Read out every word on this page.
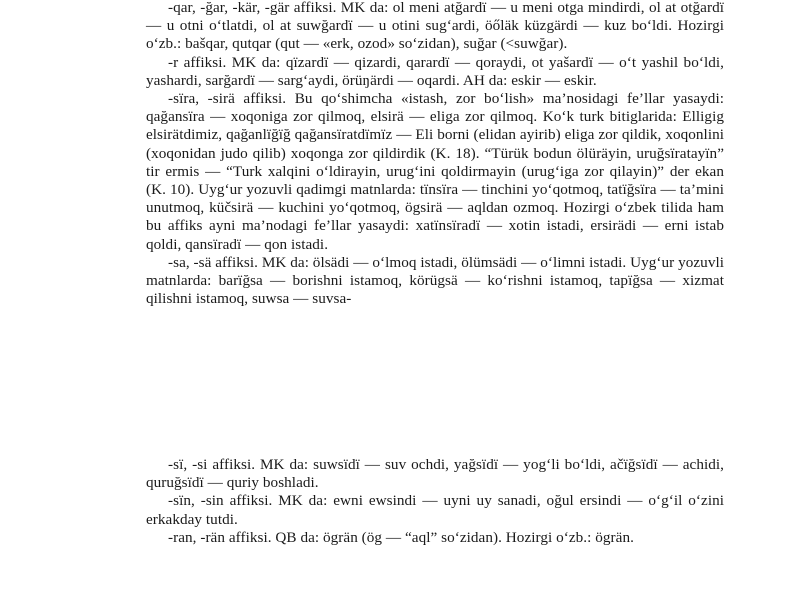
-qar, -ğar, -kär, -gär affiksi. MK da: ol meni atğardï — u meni otga mindirdi, ol at otğardï — u otni o‘tlatdi, ol at suwğardï — u otini sug‘ardi, öőläk küzgärdi — kuz bo‘ldi. Hozirgi o‘zb.: bašqar, qutqar (qut — «erk, ozod» so‘zidan), suğar (<suwğar).

-r affiksi. MK da: qïzardï — qizardi, qarardï — qoraydi, ot yašardï — o‘t yashil bo‘ldi, yashardi, sarğardï — sarg‘aydi, örüŋärdi — oqardi. AH da: eskir — eskir.

-sïra, -sirä affiksi. Bu qo‘shimcha «istash, zor bo‘lish» ma’nosidagi fe’llar yasaydi: qağansïra — xoqoniga zor qilmoq, elsirä — eliga zor qilmoq. Ko‘k turk bitiglarida: Elligig elsirätdimiz, qağanlïğïğ qağansïratdïmïz — Eli borni (elidan ayirib) eliga zor qildik, xoqonlini (xoqonidan judo qilib) xoqonga zor qildirdik (K. 18). “Türük bodun ölüräyin, uruğsïratayïn” tir ermis — “Turk xalqini o‘ldirayin, urug‘ini qoldirmayin (urug‘iga zor qilayin)” der ekan (K. 10). Uyg‘ur yozuvli qadimgi matnlarda: tïnsïra — tinchini yo‘qotmoq, tatïğsïra — ta’mini unutmoq, küčsirä — kuchini yo‘qotmoq, ögsirä — aqldan ozmoq. Hozirgi o‘zbek tilida ham bu affiks ayni ma’nodagi fe’llar yasaydi: xatïnsïradï — xotin istadi, ersirädi — erni istab qoldi, qansïradï — qon istadi.

-sa, -sä affiksi. MK da: ölsädi — o‘lmoq istadi, ölümsädi — o‘limni istadi. Uyg‘ur yozuvli matnlarda: barïğsa — borishni istamoq, körügsä — ko‘rishni istamoq, tapïğsa — xizmat qilishni istamoq, suwsa — suvsa-

-sï, -si affiksi. MK da: suwsïdï — suv ochdi, yağsïdï — yog‘li bo‘ldi, ačïğsïdï — achidi, quruğsïdï — quriy boshladi.

-sïn, -sin affiksi. MK da: ewni ewsindi — uyni uy sanadi, oğul ersindi — o‘g‘il o‘zini erkakday tutdi.

-ran, -rän affiksi. QB da: ögrän (ög — “aql” so‘zidan). Hozirgi o‘zb.: ögrän.
